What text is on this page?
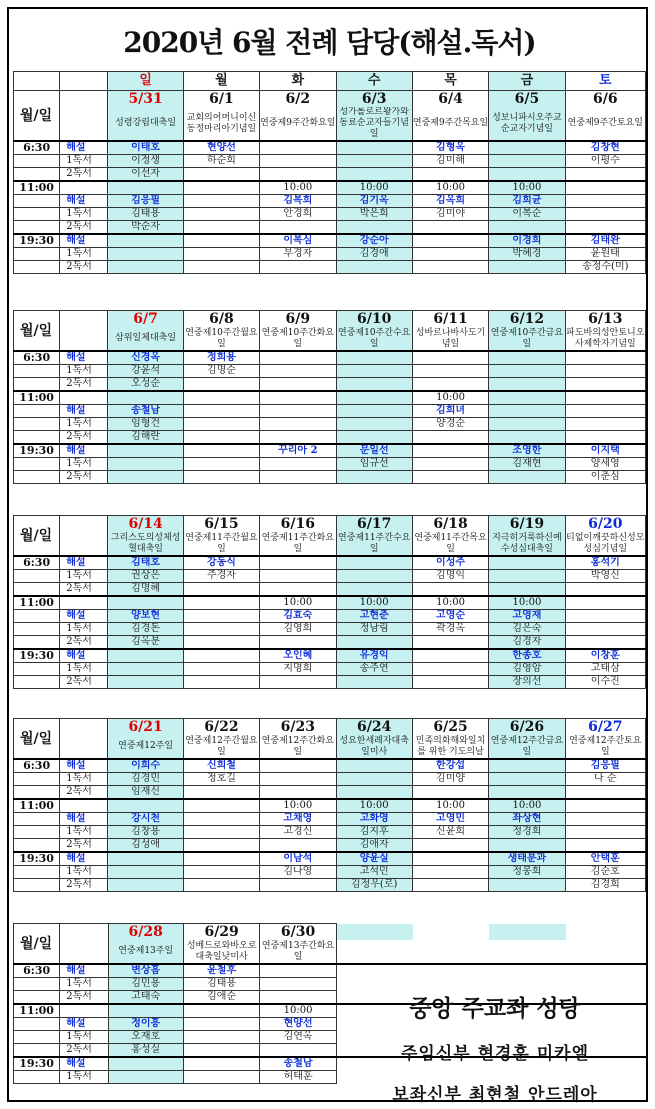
2020년 6월 전례 담당(해설.독서)
		일	월	화	수	목	금	토
월/일		5/31	6/1	6/2	6/3	6/4	6/5	6/6
		성령강림대축일	교회의어머니이신동정마리아기념일	연중제9주간화요일	성가롤로르왕가와동료순교자들기념일	연중제9주간목요일	성보니파시오주교순교자기념일	연중제9주간토요일
6:30	해설	이태호	현양선			김형옥		김창현
	1독서	이정생	하순희			김미해		이평수
	2독서	이선자						
11:00				10:00	10:00	10:00	10:00	
	해설	김응필		김복희	김기옥	김옥희	김희균	
	1독서	김태용		안경희	박은희	김미야	이복순	
	2독서	박순자						
19:30	해설			이복심	강순아		이경희	김태완
	1독서			부경자	김경애		박혜경	윤원태
	2독서							송정수(미)
월/일		6/7	6/8	6/9	6/10	6/11	6/12	6/13
		삼위일체대축일	연중제10주간월요일	연중제10주간화요일	연중제10주간수요일	성바르나바사도기념일	연중제10주간금요일	파도바의성안토니오사제학자기념일
6:30	해설	신경옥	정희용					
	1독서	강윤석	김명순					
	2독서	오성순						
11:00						10:00		
	해설	송철남				김희녀		
	1독서	임형건				양경순		
	2독서	김해란						
19:30	해설			꾸리아 2	문일선		조영한	이지택
	1독서				임규선		김재현	양세영
	2독서							이춘심
월/일		6/14	6/15	6/16	6/17	6/18	6/19	6/20
		그리스도의성체성혈대축일	연중제11주간월요일	연중제11주간화요일	연중제11주간수요일	연중제11주간목요일	지극히거룩하신예수성심대축일	티없이깨끗하신성모성심기념일
6:30	해설	김태호	강동식			이성주		홍석기
	1독서	권상은	주경자			김명익		박영신
	2독서	김명혜						
11:00				10:00	10:00	10:00	10:00	
	해설	양보현		김효숙	고현춘	고영순	고영재	
	1독서	김경돈		김영희	정남림	곽경옥	김은숙	
	2독서	김옥분					김경자	
19:30	해설			오인혜	유경익		한종호	이창훈
	1독서			지명희	송주연		김영암	고태삼
	2독서						장의선	이수진
월/일		6/21	6/22	6/23	6/24	6/25	6/26	6/27
		연중제12주일	연중제12주간월요일	연중제12주간화요일	성요한세례자대축일미사	민족의화해와일치를 위한 기도의날	연중제12주간금요일	연중제12주간토요일
6:30	해설	이희수	신희철			한강섭		김응필
	1독서	김경민	정호길			김미양		나 순
	2독서	임재신						
11:00				10:00	10:00	10:00	10:00	
	해설	강시천		고채영	고화영	고영민	좌상현	
	1독서	김창용		고경신	김지후	신윤희	정경희	
	2독서	김성애			김애자			
19:30	해설			이남석	양윤실		생태분과	안택훈
	1독서			김나영	고석민		정봉희	김순호
	2독서				김정우(로)			김경희
월/일		6/28	6/29	6/30				
		연중제13주일	성베드로와바오로대축일낮미사	연중제13주간화요일				
6:30	해설	변상흠	윤철후					
	1독서	김민용	김태용					
	2독서	고태숙	김애순					
11:00				10:00				
	해설	정이흥		현양선				
	1독서	오재호		김연옥				
	2독서	홍성실						
19:30	해설			송철남				
	1독서			허태훈				
중앙 주교좌 성당
주임신부 현경훈 미카엘
보좌신부 최현철 안드레아
